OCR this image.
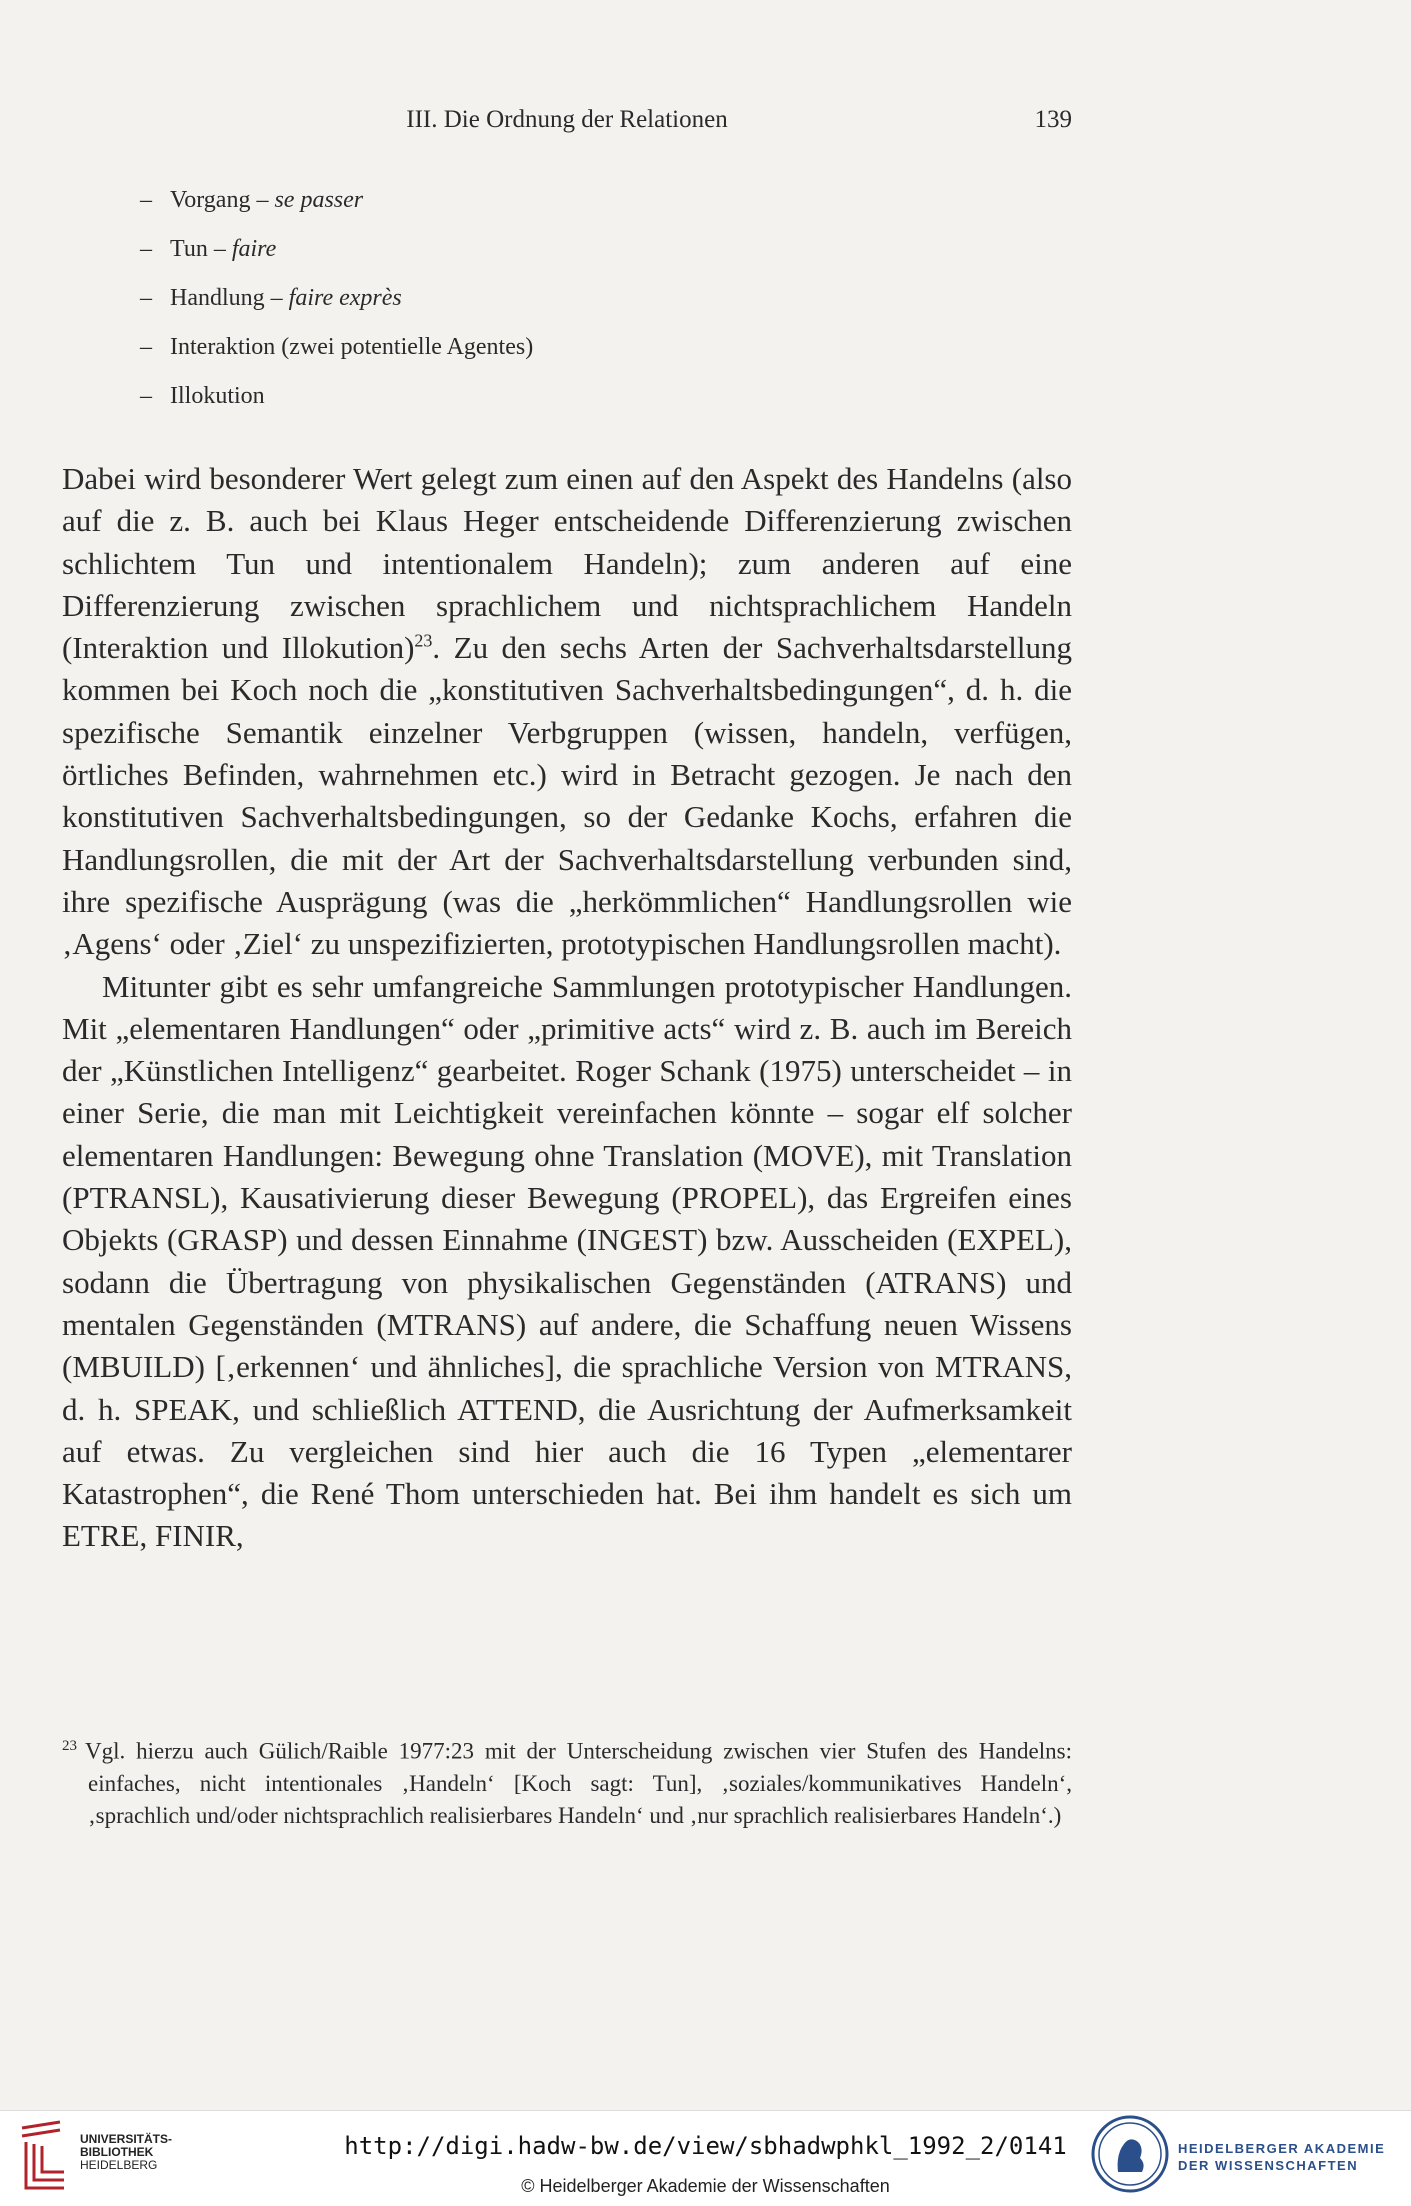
III. Die Ordnung der Relationen	139
– Vorgang – se passer
– Tun – faire
– Handlung – faire exprès
– Interaktion (zwei potentielle Agentes)
– Illokution

Dabei wird besonderer Wert gelegt zum einen auf den Aspekt des Handelns (also auf die z. B. auch bei Klaus Heger entscheidende Differenzierung zwischen schlichtem Tun und intentionalem Handeln); zum anderen auf eine Differenzierung zwischen sprachlichem und nichtsprachlichem Handeln (Interaktion und Illokution)$^{23}$. Zu den sechs Arten der Sachverhaltsdarstellung kommen bei Koch noch die „konstitutiven Sachverhaltsbedingungen“, d. h. die spezifische Semantik einzelner Verbgruppen (wissen, handeln, verfügen, örtliches Befinden, wahrnehmen etc.) wird in Betracht gezogen. Je nach den konstitutiven Sachverhaltsbedingungen, so der Gedanke Kochs, erfahren die Handlungsrollen, die mit der Art der Sachverhaltsdarstellung verbunden sind, ihre spezifische Ausprägung (was die „herkömmlichen“ Handlungsrollen wie ‚Agens‘ oder ‚Ziel‘ zu unspezifizierten, prototypischen Handlungsrollen macht).

Mitunter gibt es sehr umfangreiche Sammlungen prototypischer Handlungen. Mit „elementaren Handlungen“ oder „primitive acts“ wird z. B. auch im Bereich der „Künstlichen Intelligenz“ gearbeitet. Roger Schank (1975) unterscheidet – in einer Serie, die man mit Leichtigkeit vereinfachen könnte – sogar elf solcher elementaren Handlungen: Bewegung ohne Translation (MOVE), mit Translation (PTRANSL), Kausativierung dieser Bewegung (PROPEL), das Ergreifen eines Objekts (GRASP) und dessen Einnahme (INGEST) bzw. Ausscheiden (EXPEL), sodann die Übertragung von physikalischen Gegenständen (ATRANS) und mentalen Gegenständen (MTRANS) auf andere, die Schaffung neuen Wissens (MBUILD) [‚erkennen‘ und ähnliches], die sprachliche Version von MTRANS, d. h. SPEAK, und schließlich ATTEND, die Ausrichtung der Aufmerksamkeit auf etwas. Zu vergleichen sind hier auch die 16 Typen „elementarer Katastrophen“, die René Thom unterschieden hat. Bei ihm handelt es sich um ETRE, FINIR,

$^{23}$ Vgl. hierzu auch Gülich/Raible 1977:23 mit der Unterscheidung zwischen vier Stufen des Handelns: einfaches, nicht intentionales ‚Handeln‘ [Koch sagt: Tun], ‚soziales/kommunikatives Handeln‘, ‚sprachlich und/oder nichtsprachlich realisierbares Handeln‘ und ‚nur sprachlich realisierbares Handeln‘.)
UNIVERSITÄTS-
BIBLIOTHEK
HEIDELBERG
http://digi.hadw-bw.de/view/sbhadwphkl_1992_2/0141
© Heidelberger Akademie der Wissenschaften
HEIDELBERGER AKADEMIE
DER WISSENSCHAFTEN
